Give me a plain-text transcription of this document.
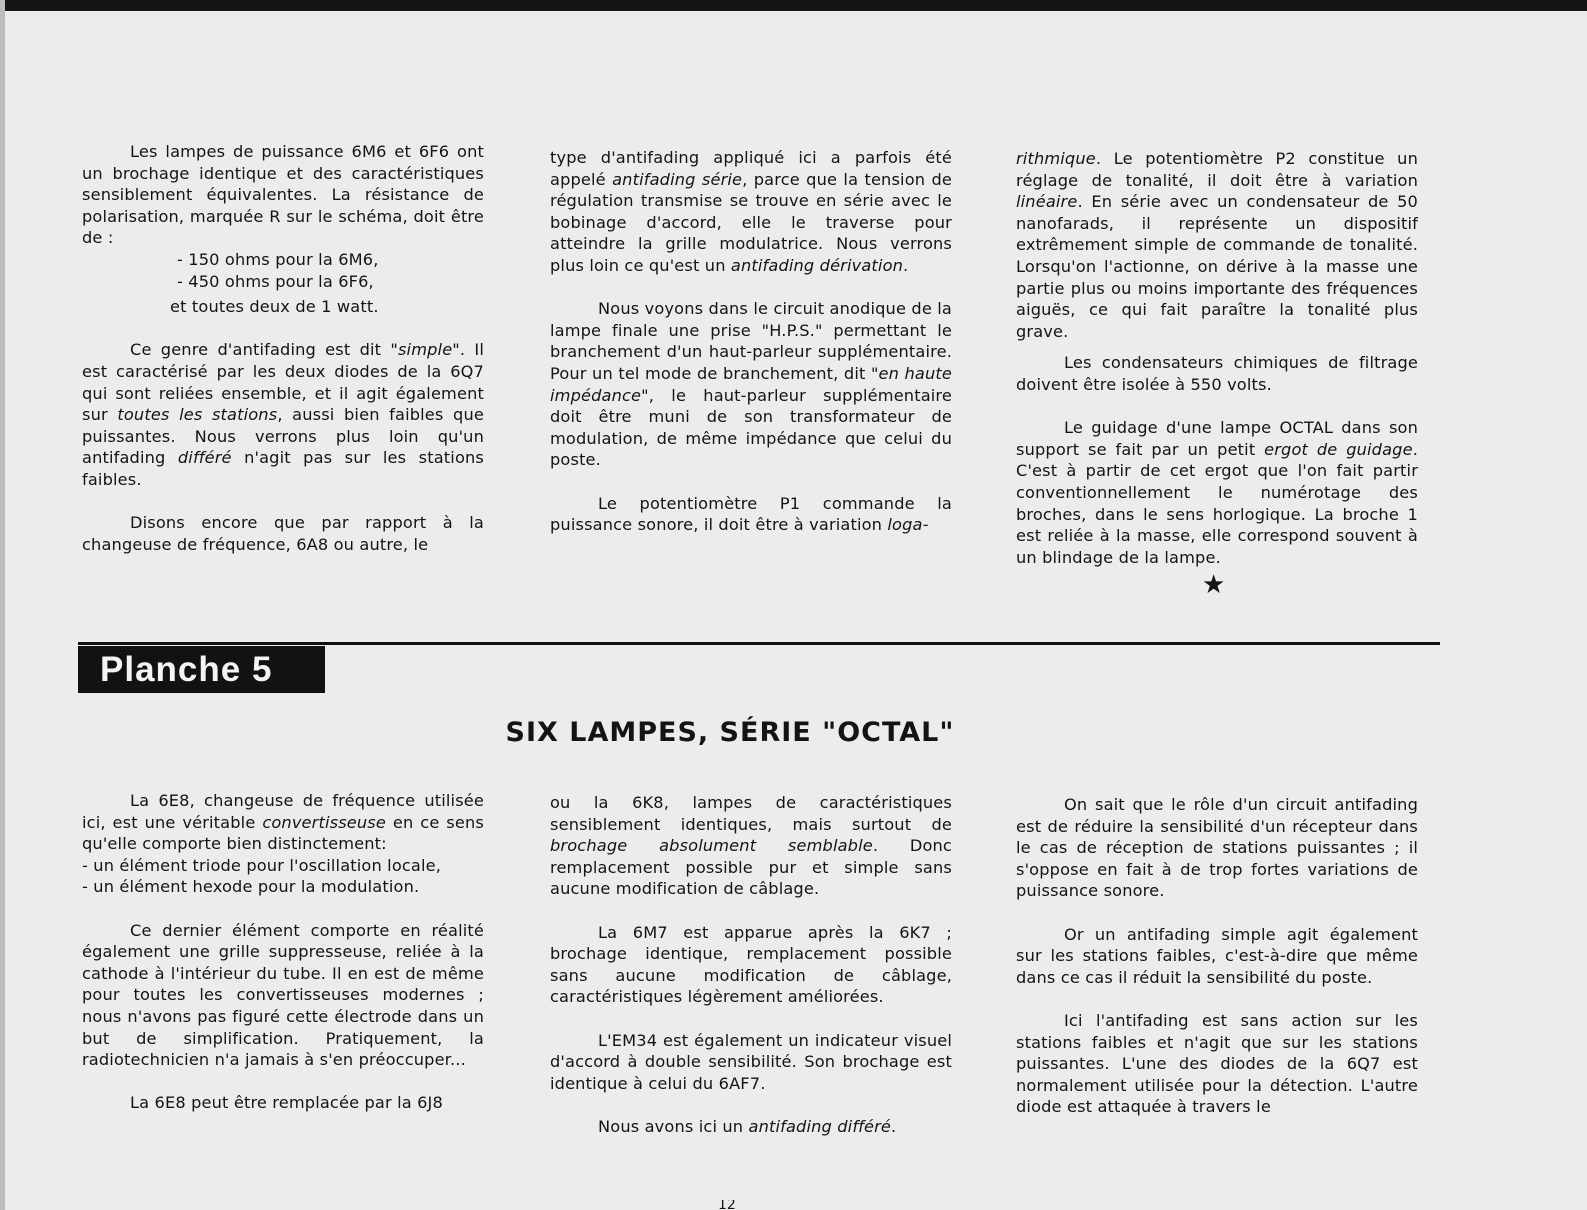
Les lampes de puissance 6M6 et 6F6 ont un brochage identique et des caractéristiques sensiblement équivalentes. La résistance de polarisation, marquée R sur le schéma, doit être de :

- 150 ohms pour la 6M6,
- 450 ohms pour la 6F6,

et toutes deux de 1 watt.

Ce genre d'antifading est dit "simple". Il est caractérisé par les deux diodes de la 6Q7 qui sont reliées ensemble, et il agit également sur toutes les stations, aussi bien faibles que puissantes. Nous verrons plus loin qu'un antifading différé n'agit pas sur les stations faibles.

Disons encore que par rapport à la changeuse de fréquence, 6A8 ou autre, le

type d'antifading appliqué ici a parfois été appelé antifading série, parce que la tension de régulation transmise se trouve en série avec le bobinage d'accord, elle le traverse pour atteindre la grille modulatrice. Nous verrons plus loin ce qu'est un antifading dérivation.

Nous voyons dans le circuit anodique de la lampe finale une prise "H.P.S." permettant le branchement d'un haut-parleur supplémentaire. Pour un tel mode de branchement, dit "en haute impédance", le haut-parleur supplémentaire doit être muni de son transformateur de modulation, de même impédance que celui du poste.

Le potentiomètre P1 commande la puissance sonore, il doit être à variation loga-

rithmique. Le potentiomètre P2 constitue un réglage de tonalité, il doit être à variation linéaire. En série avec un condensateur de 50 nanofarads, il représente un dispositif extrêmement simple de commande de tonalité. Lorsqu'on l'actionne, on dérive à la masse une partie plus ou moins importante des fréquences aiguës, ce qui fait paraître la tonalité plus grave.

Les condensateurs chimiques de filtrage doivent être isolée à 550 volts.

Le guidage d'une lampe OCTAL dans son support se fait par un petit ergot de guidage. C'est à partir de cet ergot que l'on fait partir conventionnellement le numérotage des broches, dans le sens horlogique. La broche 1 est reliée à la masse, elle correspond souvent à un blindage de la lampe.

★
Planche 5
SIX LAMPES, SÉRIE "OCTAL"

La 6E8, changeuse de fréquence utilisée ici, est une véritable convertisseuse en ce sens qu'elle comporte bien distinctement:

- un élément triode pour l'oscillation locale,

- un élément hexode pour la modulation.

Ce dernier élément comporte en réalité également une grille suppresseuse, reliée à la cathode à l'intérieur du tube. Il en est de même pour toutes les convertisseuses modernes ; nous n'avons pas figuré cette électrode dans un but de simplification. Pratiquement, la radiotechnicien n'a jamais à s'en préoccuper...

La 6E8 peut être remplacée par la 6J8

ou la 6K8, lampes de caractéristiques sensiblement identiques, mais surtout de brochage absolument semblable. Donc remplacement possible pur et simple sans aucune modification de câblage.

La 6M7 est apparue après la 6K7 ; brochage identique, remplacement possible sans aucune modification de câblage, caractéristiques légèrement améliorées.

L'EM34 est également un indicateur visuel d'accord à double sensibilité. Son brochage est identique à celui du 6AF7.

Nous avons ici un antifading différé.

On sait que le rôle d'un circuit antifading est de réduire la sensibilité d'un récepteur dans le cas de réception de stations puissantes ; il s'oppose en fait à de trop fortes variations de puissance sonore.

Or un antifading simple agit également sur les stations faibles, c'est-à-dire que même dans ce cas il réduit la sensibilité du poste.

Ici l'antifading est sans action sur les stations faibles et n'agit que sur les stations puissantes. L'une des diodes de la 6Q7 est normalement utilisée pour la détection. L'autre diode est attaquée à travers le

12
